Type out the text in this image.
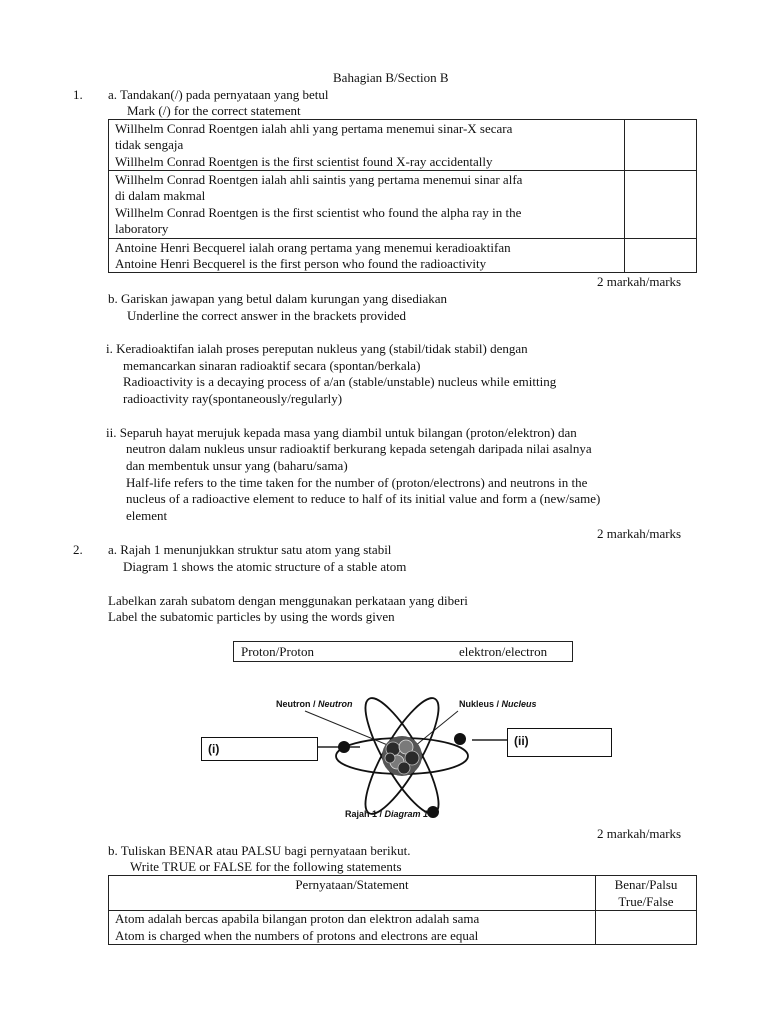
Bahagian B/Section B
1. a. Tandakan(/) pada pernyataan yang betul
Mark (/) for the correct statement
Willhelm Conrad Roentgen ialah ahli yang pertama menemui sinar-X secara
tidak sengaja
Willhelm Conrad Roentgen is the first scientist found X-ray accidentally
Willhelm Conrad Roentgen ialah ahli saintis yang pertama menemui sinar alfa
di dalam makmal
Willhelm Conrad Roentgen is the first scientist who found the alpha ray in the
laboratory
Antoine Henri Becquerel ialah orang pertama yang menemui keradioaktifan
Antoine Henri Becquerel is the first person who found the radioactivity
2 markah/marks
b. Gariskan jawapan yang betul dalam kurungan yang disediakan
Underline the correct answer in the brackets provided
i. Keradioaktifan ialah proses pereputan nukleus yang (stabil/tidak stabil) dengan
memancarkan sinaran radioaktif secara (spontan/berkala)
Radioactivity is a decaying process of a/an (stable/unstable) nucleus while emitting
radioactivity ray(spontaneously/regularly)
ii. Separuh hayat merujuk kepada masa yang diambil untuk bilangan (proton/elektron) dan
neutron dalam nukleus unsur radioaktif berkurang kepada setengah daripada nilai asalnya
dan membentuk unsur yang (baharu/sama)
Half-life refers to the time taken for the number of (proton/electrons) and neutrons in the
nucleus of a radioactive element to reduce to half of its initial value and form a (new/same)
element
2 markah/marks
2. a. Rajah 1 menunjukkan struktur satu atom yang stabil
Diagram 1 shows the atomic structure of a stable atom
Labelkan zarah subatom dengan menggunakan perkataan yang diberi
Label the subatomic particles by using the words given
Proton/Proton	elektron/electron
Neutron / Neutron	Nukleus / Nucleus
(i)
(ii)
Rajah 1 / Diagram 1
2 markah/marks
b. Tuliskan BENAR atau PALSU bagi pernyataan berikut.
Write TRUE or FALSE for the following statements
Pernyataan/Statement	Benar/Palsu
True/False
Atom adalah bercas apabila bilangan proton dan elektron adalah sama
Atom is charged when the numbers of protons and electrons are equal
